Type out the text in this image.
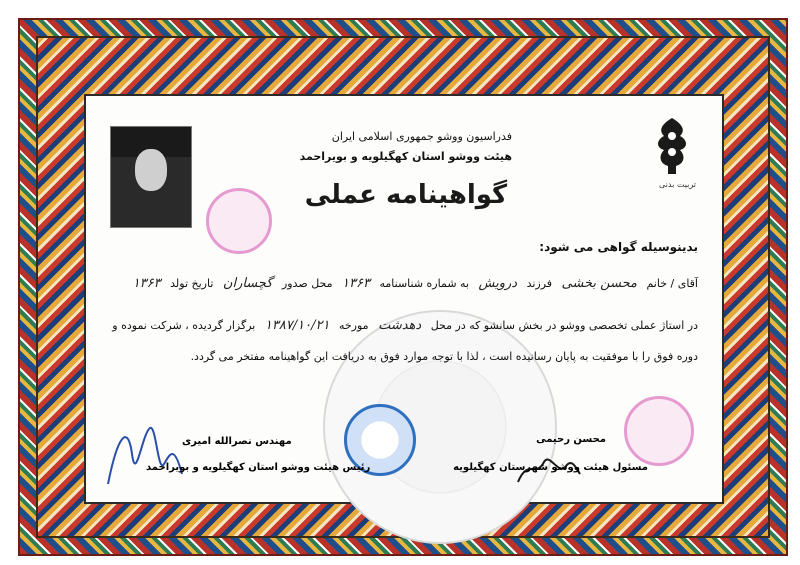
تربیت بدنی
فدراسیون ووشو جمهوری اسلامی ایران
هیئت ووشو استان کهگیلویه و بویراحمد
گواهینامه عملی
بدینوسیله گواهی می شود:
آقای / خانم محسن بخشی فرزند درویش به شماره شناسنامه ۱۳۶۳ محل صدور گچساران تاریخ تولد ۱۳۶۳
در استاژ عملی تخصصی ووشو در بخش سانشو که در محل دهدشت مورخه ۱۳۸۷/۱۰/۲۱ برگزار گردیده ، شرکت نموده و
دوره فوق را با موفقیت به پایان رسانیده است ، لذا با توجه موارد فوق به دریافت این گواهینامه مفتخر می گردد.
مهندس نصرالله امیری
رئیس هیئت ووشو استان کهگیلویه و بویراحمد
محسن رحیمی
مسئول هیئت ووشو شهرستان کهگیلویه
